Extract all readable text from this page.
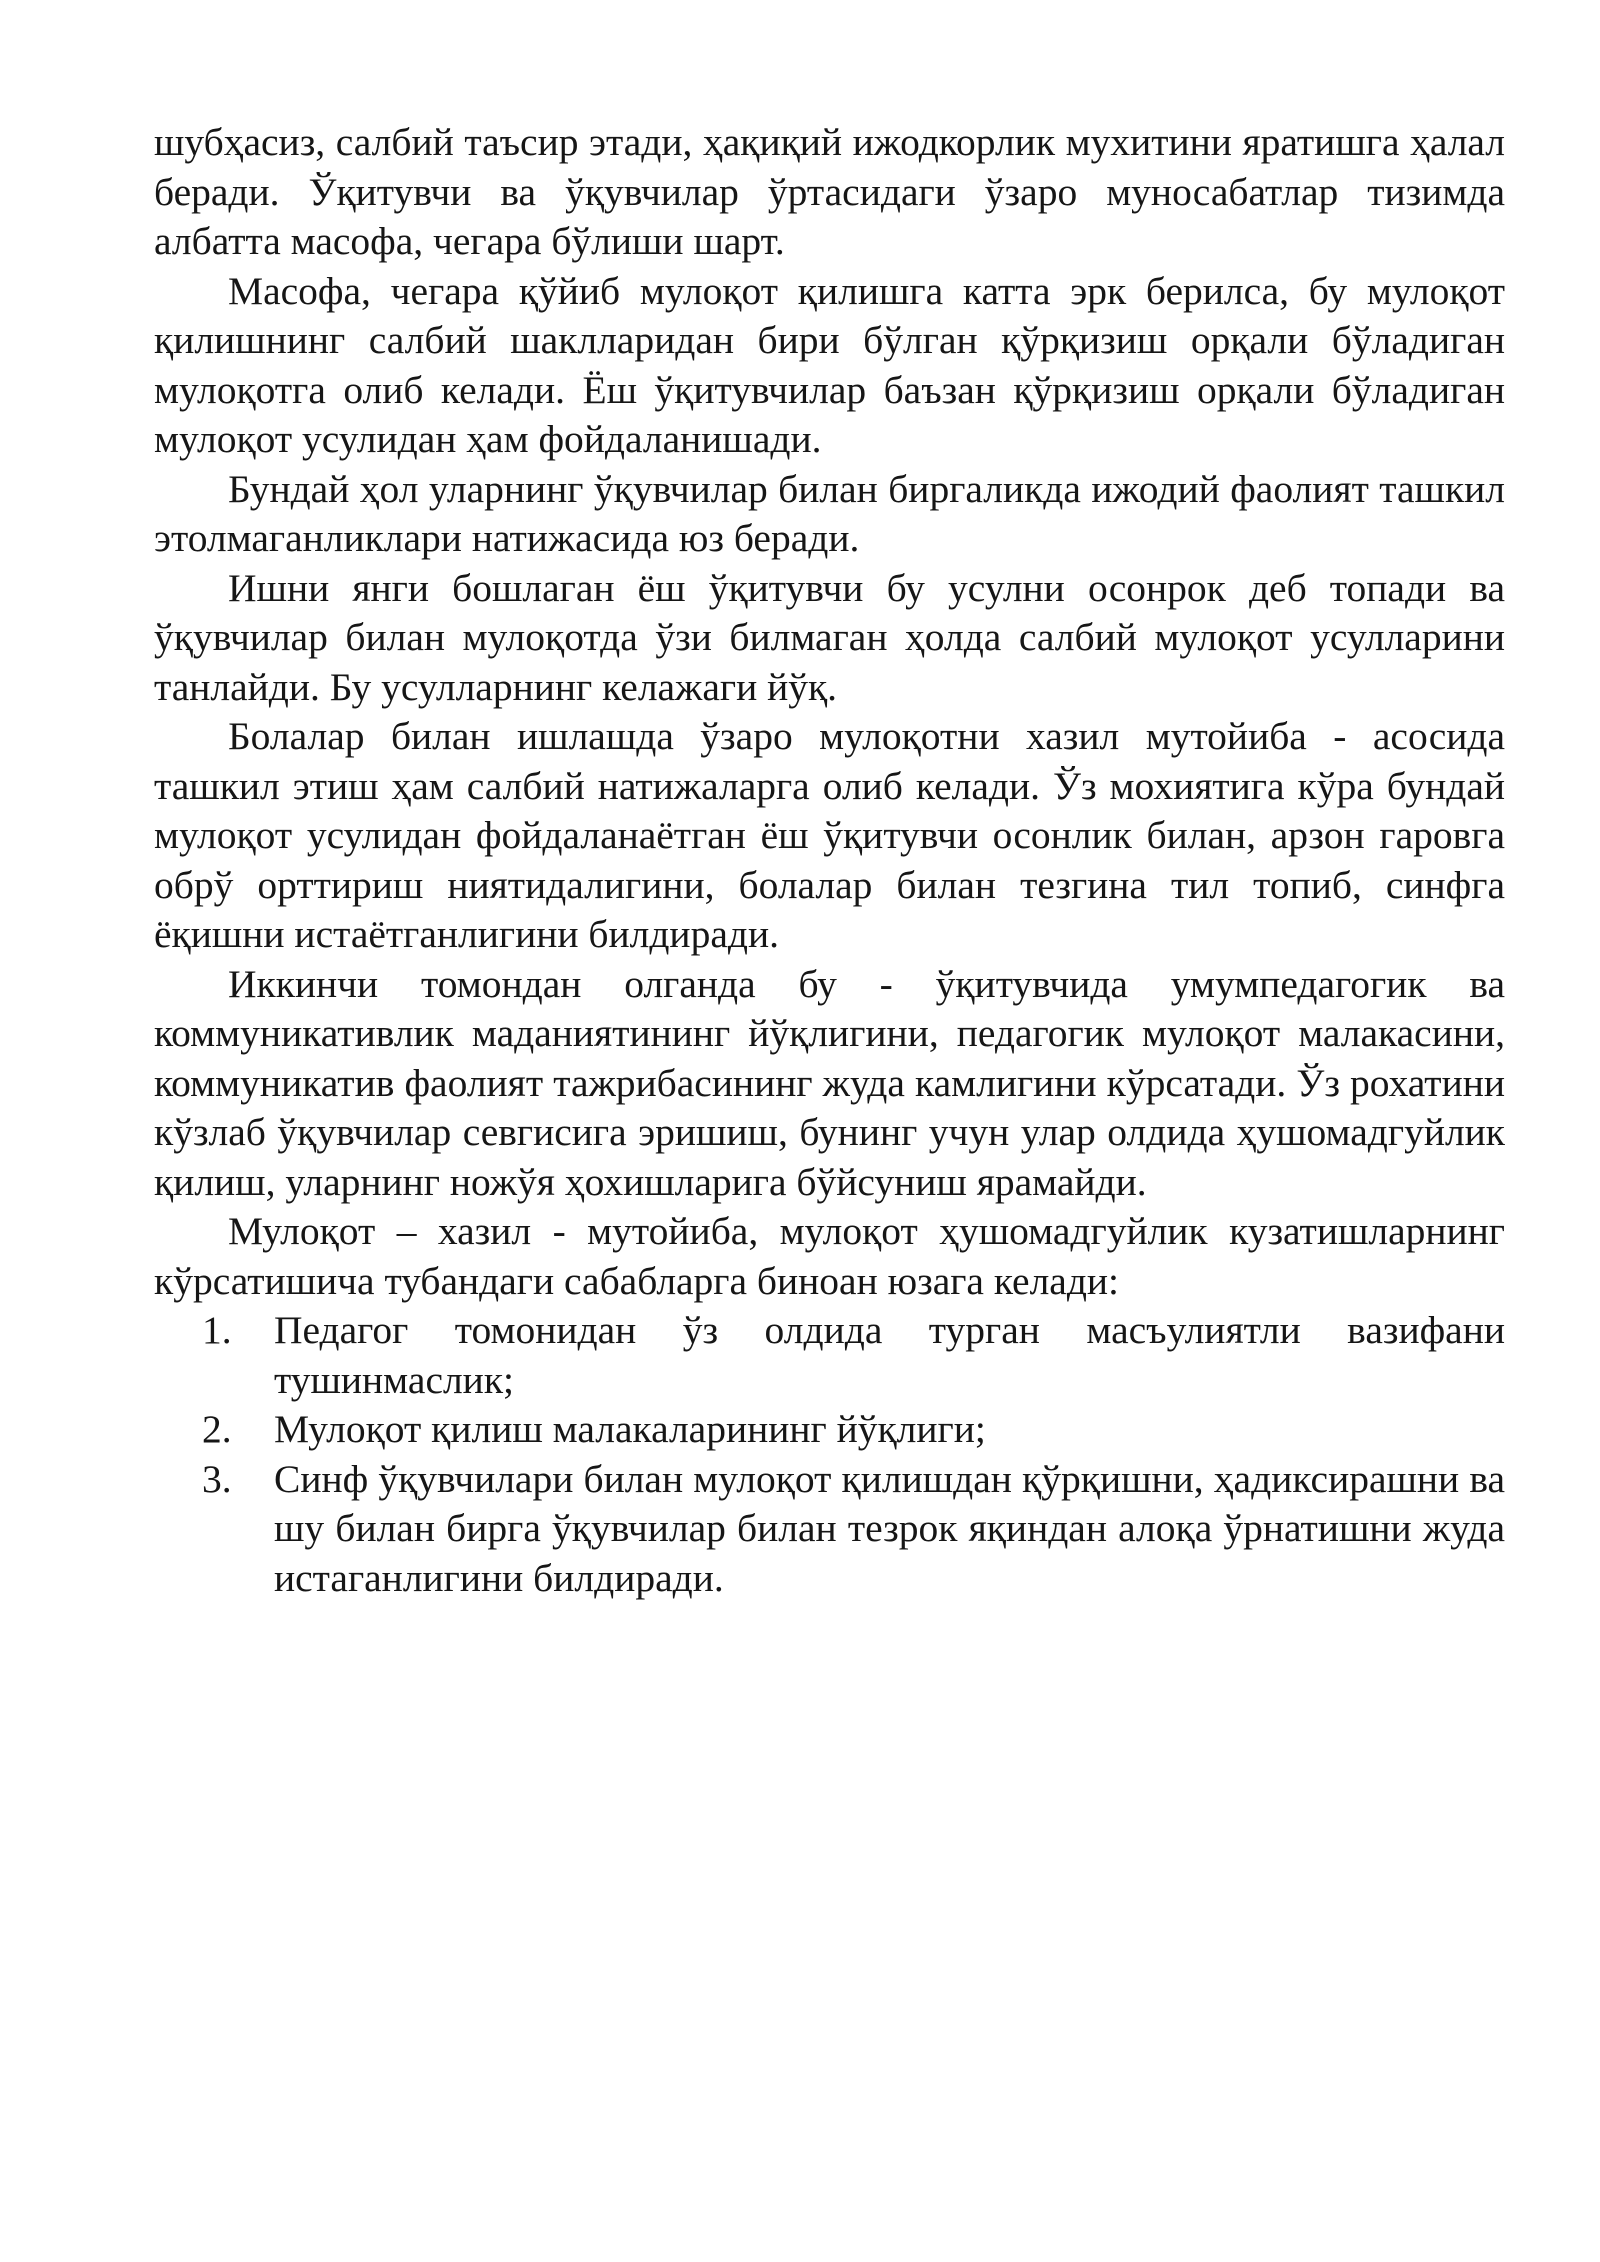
шубҳасиз, салбий таъсир этади, ҳақиқий ижодкорлик мухитини яратишга ҳалал беради. Ўқитувчи ва ўқувчилар ўртасидаги ўзаро муносабатлар тизимда албатта масофа, чегара бўлиши шарт.

Масофа, чегара қўйиб мулоқот қилишга катта эрк берилса, бу мулоқот қилишнинг салбий шаклларидан бири бўлган қўрқизиш орқали бўладиган мулоқотга олиб келади. Ёш ўқитувчилар баъзан қўрқизиш орқали бўладиган мулоқот усулидан ҳам фойдаланишади.

Бундай ҳол уларнинг ўқувчилар билан биргаликда ижодий фаолият ташкил этолмаганликлари натижасида юз беради.

Ишни янги бошлаган ёш ўқитувчи бу усулни осонрок деб топади ва ўқувчилар билан мулоқотда ўзи билмаган ҳолда салбий мулоқот усулларини танлайди. Бу усулларнинг келажаги йўқ.

Болалар билан ишлашда ўзаро мулоқотни хазил мутойиба - асосида ташкил этиш ҳам салбий натижаларга олиб келади. Ўз мохиятига кўра бундай мулоқот усулидан фойдаланаётган ёш ўқитувчи осонлик билан, арзон гаровга обрў орттириш ниятидалигини, болалар билан тезгина тил топиб, синфга ёқишни истаётганлигини билдиради.

Иккинчи томондан олганда бу - ўқитувчида умумпедагогик ва коммуникативлик маданиятининг йўқлигини, педагогик мулоқот малакасини, коммуникатив фаолият тажрибасининг жуда камлигини кўрсатади. Ўз рохатини кўзлаб ўқувчилар севгисига эришиш, бунинг учун улар олдида ҳушомадгуйлик қилиш, уларнинг ножўя ҳохишларига бўйсуниш ярамайди.

Мулоқот – хазил - мутойиба, мулоқот ҳушомадгуйлик кузатишларнинг кўрсатишича тубандаги сабабларга биноан юзага келади:

1. Педагог томонидан ўз олдида турган масъулиятли вазифани тушинмаслик;
2. Мулоқот қилиш малакаларининг йўқлиги;
3. Синф ўқувчилари билан мулоқот қилишдан қўрқишни, ҳадиксирашни ва шу билан бирга ўқувчилар билан тезрок яқиндан алоқа ўрнатишни жуда истаганлигини билдиради.
